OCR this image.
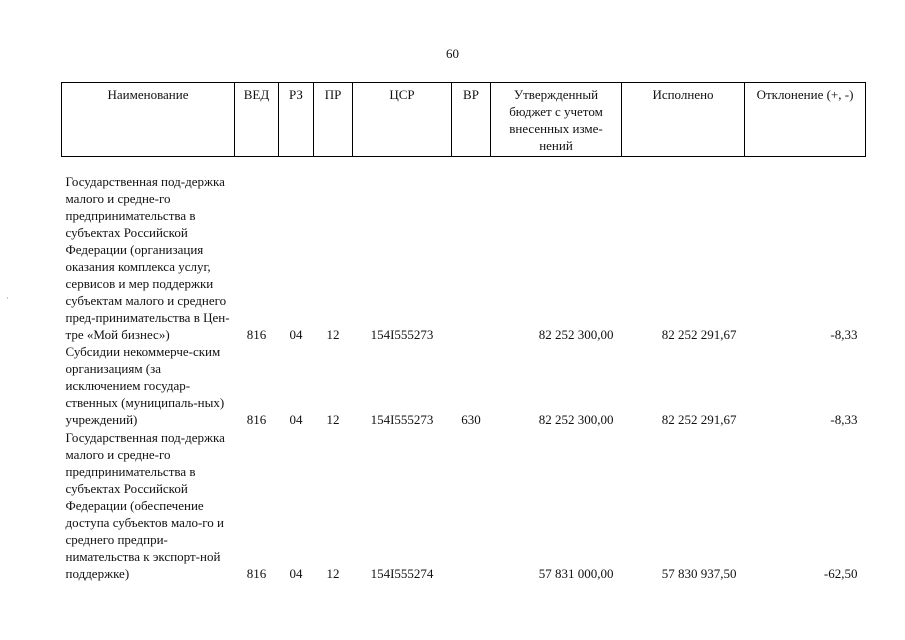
60
·
Наименование	ВЕД	РЗ	ПР	ЦСР	ВР	Утвержденный бюджет с учетом внесенных изме-нений	Исполнено	Отклонение (+, -)
Государственная под-держка малого и средне-го предпринимательства в субъектах Российской Федерации (организация оказания комплекса услуг, сервисов и мер поддержки субъектам малого и среднего пред-принимательства в Цен-тре «Мой бизнес»)	816	04	12	154I555273		82 252 300,00	82 252 291,67	-8,33
Субсидии некоммерче-ским организациям (за исключением государ-ственных (муниципаль-ных) учреждений)	816	04	12	154I555273	630	82 252 300,00	82 252 291,67	-8,33
Государственная под-держка малого и средне-го предпринимательства в субъектах Российской Федерации (обеспечение доступа субъектов мало-го и среднего предпри-нимательства к экспорт-ной поддержке)	816	04	12	154I555274		57 831 000,00	57 830 937,50	-62,50
